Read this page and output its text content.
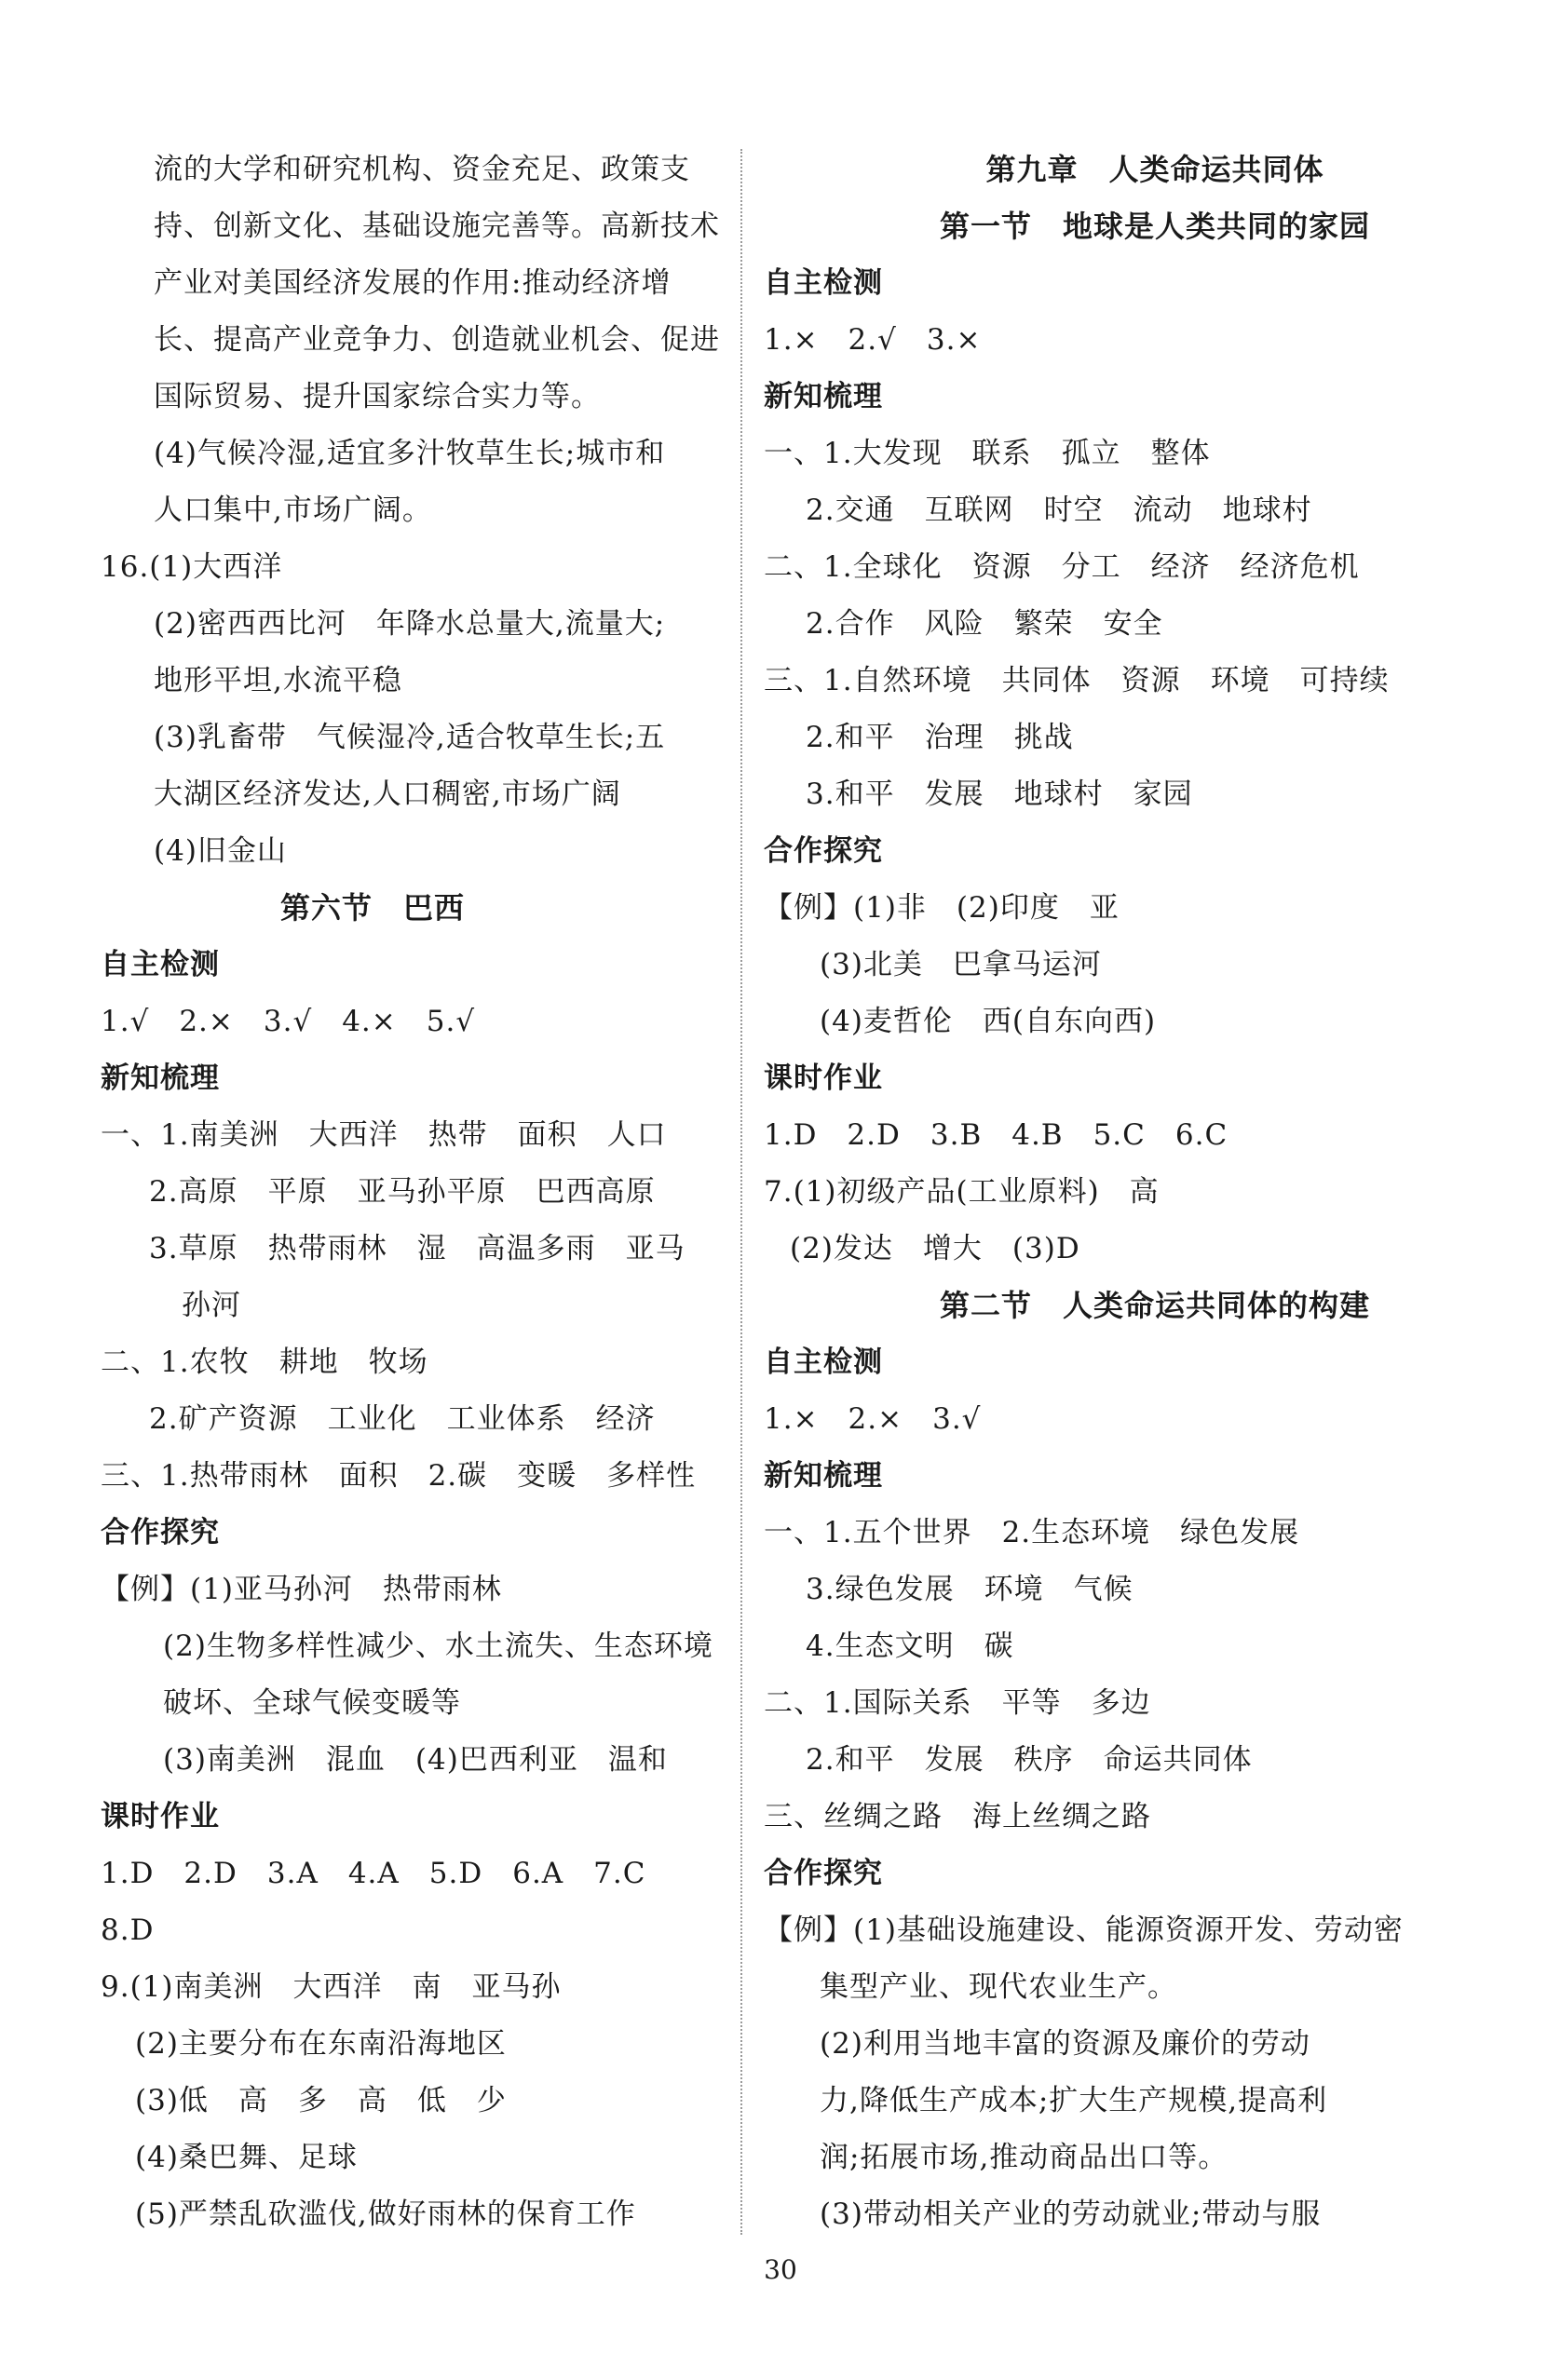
流的大学和研究机构、资金充足、政策支
持、创新文化、基础设施完善等。高新技术
产业对美国经济发展的作用:推动经济增
长、提高产业竞争力、创造就业机会、促进
国际贸易、提升国家综合实力等。
(4)气候冷湿,适宜多汁牧草生长;城市和
人口集中,市场广阔。
16.(1)大西洋
(2)密西西比河　年降水总量大,流量大;
地形平坦,水流平稳
(3)乳畜带　气候湿冷,适合牧草生长;五
大湖区经济发达,人口稠密,市场广阔
(4)旧金山
第六节　巴西
自主检测
1.√　2.×　3.√　4.×　5.√
新知梳理
一、1.南美洲　大西洋　热带　面积　人口
2.高原　平原　亚马孙平原　巴西高原
3.草原　热带雨林　湿　高温多雨　亚马
孙河
二、1.农牧　耕地　牧场
2.矿产资源　工业化　工业体系　经济
三、1.热带雨林　面积　2.碳　变暖　多样性
合作探究
【例】(1)亚马孙河　热带雨林
(2)生物多样性减少、水土流失、生态环境
破坏、全球气候变暖等
(3)南美洲　混血　(4)巴西利亚　温和
课时作业
1.D　2.D　3.A　4.A　5.D　6.A　7.C
8.D
9.(1)南美洲　大西洋　南　亚马孙
(2)主要分布在东南沿海地区
(3)低　高　多　高　低　少
(4)桑巴舞、足球
(5)严禁乱砍滥伐,做好雨林的保育工作
第九章　人类命运共同体
第一节　地球是人类共同的家园
自主检测
1.×　2.√　3.×
新知梳理
一、1.大发现　联系　孤立　整体
2.交通　互联网　时空　流动　地球村
二、1.全球化　资源　分工　经济　经济危机
2.合作　风险　繁荣　安全
三、1.自然环境　共同体　资源　环境　可持续
2.和平　治理　挑战
3.和平　发展　地球村　家园
合作探究
【例】(1)非　(2)印度　亚
(3)北美　巴拿马运河
(4)麦哲伦　西(自东向西)
课时作业
1.D　2.D　3.B　4.B　5.C　6.C
7.(1)初级产品(工业原料)　高
(2)发达　增大　(3)D
第二节　人类命运共同体的构建
自主检测
1.×　2.×　3.√
新知梳理
一、1.五个世界　2.生态环境　绿色发展
3.绿色发展　环境　气候
4.生态文明　碳
二、1.国际关系　平等　多边
2.和平　发展　秩序　命运共同体
三、丝绸之路　海上丝绸之路
合作探究
【例】(1)基础设施建设、能源资源开发、劳动密
集型产业、现代农业生产。
(2)利用当地丰富的资源及廉价的劳动
力,降低生产成本;扩大生产规模,提高利
润;拓展市场,推动商品出口等。
(3)带动相关产业的劳动就业;带动与服
30
